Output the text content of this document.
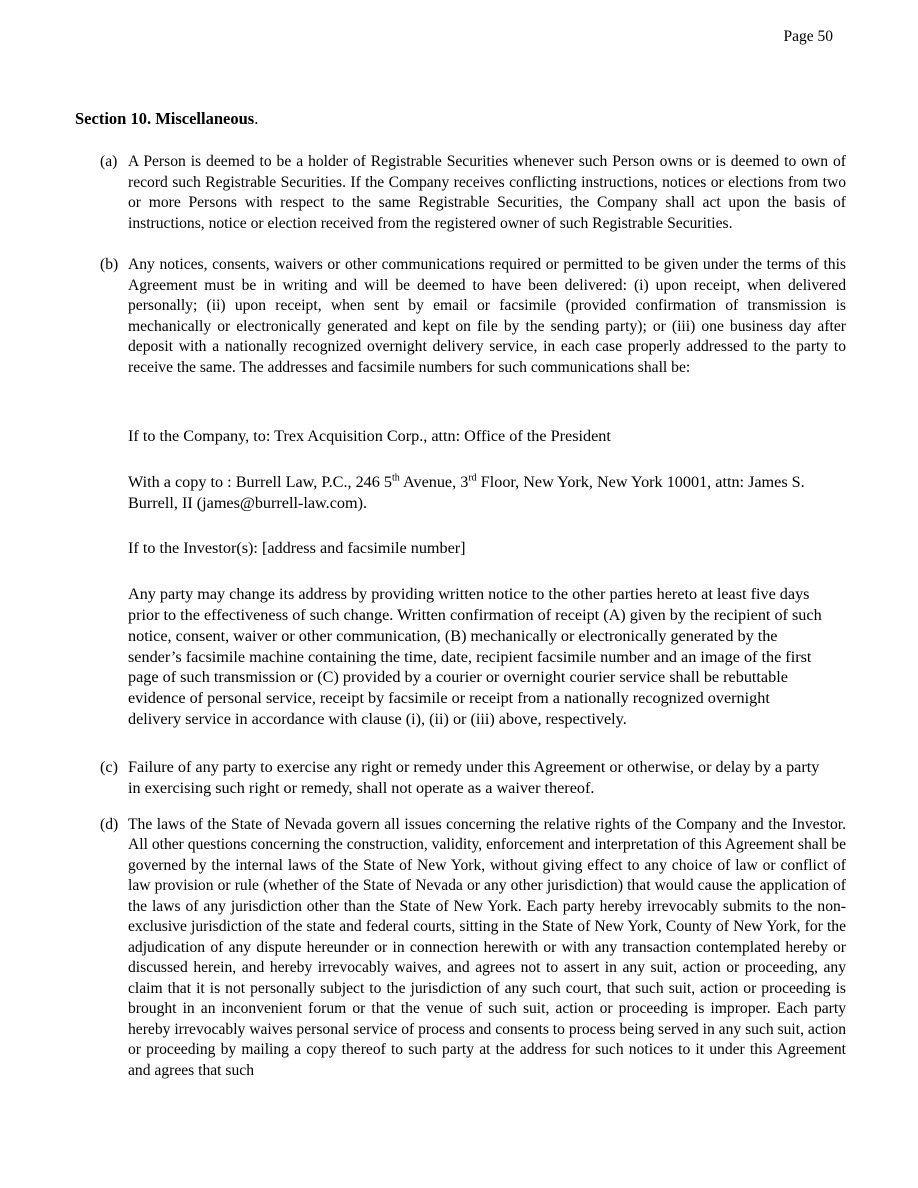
Page 50
Section 10. Miscellaneous.
(a) A Person is deemed to be a holder of Registrable Securities whenever such Person owns or is deemed to own of record such Registrable Securities. If the Company receives conflicting instructions, notices or elections from two or more Persons with respect to the same Registrable Securities, the Company shall act upon the basis of instructions, notice or election received from the registered owner of such Registrable Securities.
(b) Any notices, consents, waivers or other communications required or permitted to be given under the terms of this Agreement must be in writing and will be deemed to have been delivered: (i) upon receipt, when delivered personally; (ii) upon receipt, when sent by email or facsimile (provided confirmation of transmission is mechanically or electronically generated and kept on file by the sending party); or (iii) one business day after deposit with a nationally recognized overnight delivery service, in each case properly addressed to the party to receive the same. The addresses and facsimile numbers for such communications shall be:

If to the Company, to: Trex Acquisition Corp., attn: Office of the President

With a copy to : Burrell Law, P.C., 246 5th Avenue, 3rd Floor, New York, New York 10001, attn: James S. Burrell, II (james@burrell-law.com).

If to the Investor(s): [address and facsimile number]

Any party may change its address by providing written notice to the other parties hereto at least five days prior to the effectiveness of such change. Written confirmation of receipt (A) given by the recipient of such notice, consent, waiver or other communication, (B) mechanically or electronically generated by the sender’s facsimile machine containing the time, date, recipient facsimile number and an image of the first page of such transmission or (C) provided by a courier or overnight courier service shall be rebuttable evidence of personal service, receipt by facsimile or receipt from a nationally recognized overnight delivery service in accordance with clause (i), (ii) or (iii) above, respectively.

(c) Failure of any party to exercise any right or remedy under this Agreement or otherwise, or delay by a party in exercising such right or remedy, shall not operate as a waiver thereof.
(d) The laws of the State of Nevada govern all issues concerning the relative rights of the Company and the Investor. All other questions concerning the construction, validity, enforcement and interpretation of this Agreement shall be governed by the internal laws of the State of New York, without giving effect to any choice of law or conflict of law provision or rule (whether of the State of Nevada or any other jurisdiction) that would cause the application of the laws of any jurisdiction other than the State of New York. Each party hereby irrevocably submits to the non-exclusive jurisdiction of the state and federal courts, sitting in the State of New York, County of New York, for the adjudication of any dispute hereunder or in connection herewith or with any transaction contemplated hereby or discussed herein, and hereby irrevocably waives, and agrees not to assert in any suit, action or proceeding, any claim that it is not personally subject to the jurisdiction of any such court, that such suit, action or proceeding is brought in an inconvenient forum or that the venue of such suit, action or proceeding is improper. Each party hereby irrevocably waives personal service of process and consents to process being served in any such suit, action or proceeding by mailing a copy thereof to such party at the address for such notices to it under this Agreement and agrees that such
